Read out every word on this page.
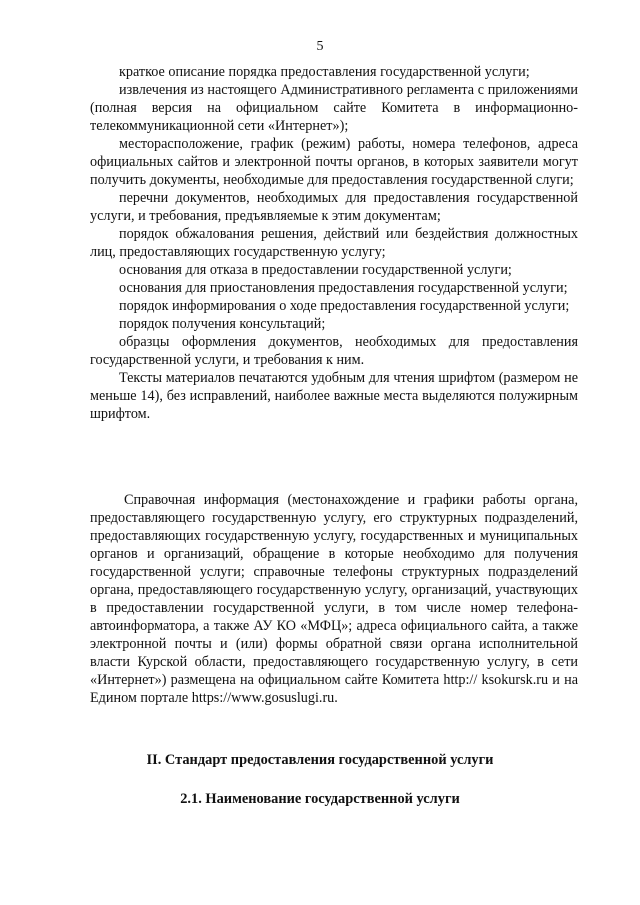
5

краткое описание порядка предоставления государственной услуги;

извлечения из настоящего Административного регламента с приложениями (полная версия на официальном сайте Комитета в информационно-телекоммуникационной сети «Интернет»);

месторасположение, график (режим) работы, номера телефонов, адреса официальных сайтов и электронной почты органов, в которых заявители могут получить документы, необходимые для предоставления государственной слуги;

перечни документов, необходимых для предоставления государственной услуги, и требования, предъявляемые к этим документам;

порядок обжалования решения, действий или бездействия должностных лиц, предоставляющих государственную услугу;

основания для отказа в предоставлении государственной услуги;

основания для приостановления предоставления государственной услуги;

порядок информирования о ходе предоставления государственной услуги;

порядок получения консультаций;

образцы оформления документов, необходимых для предоставления государственной услуги, и требования к ним.

Тексты материалов печатаются удобным для чтения шрифтом (размером не меньше 14), без исправлений, наиболее важные места выделяются полужирным шрифтом.

Справочная информация (местонахождение и графики работы органа, предоставляющего государственную услугу, его структурных подразделений, предоставляющих государственную услугу, государственных и муниципальных органов и организаций, обращение в которые необходимо для получения государственной услуги; справочные телефоны структурных подразделений органа, предоставляющего государственную услугу, организаций, участвующих в предоставлении государственной услуги, в том числе номер телефона-автоинформатора, а также АУ КО «МФЦ»; адреса официального сайта, а также электронной почты и (или) формы обратной связи органа исполнительной власти Курской области, предоставляющего государственную услугу, в сети «Интернет») размещена на официальном сайте Комитета http:// ksokursk.ru и на Едином портале https://www.gosuslugi.ru.

II. Стандарт предоставления государственной услуги
2.1. Наименование государственной услуги
